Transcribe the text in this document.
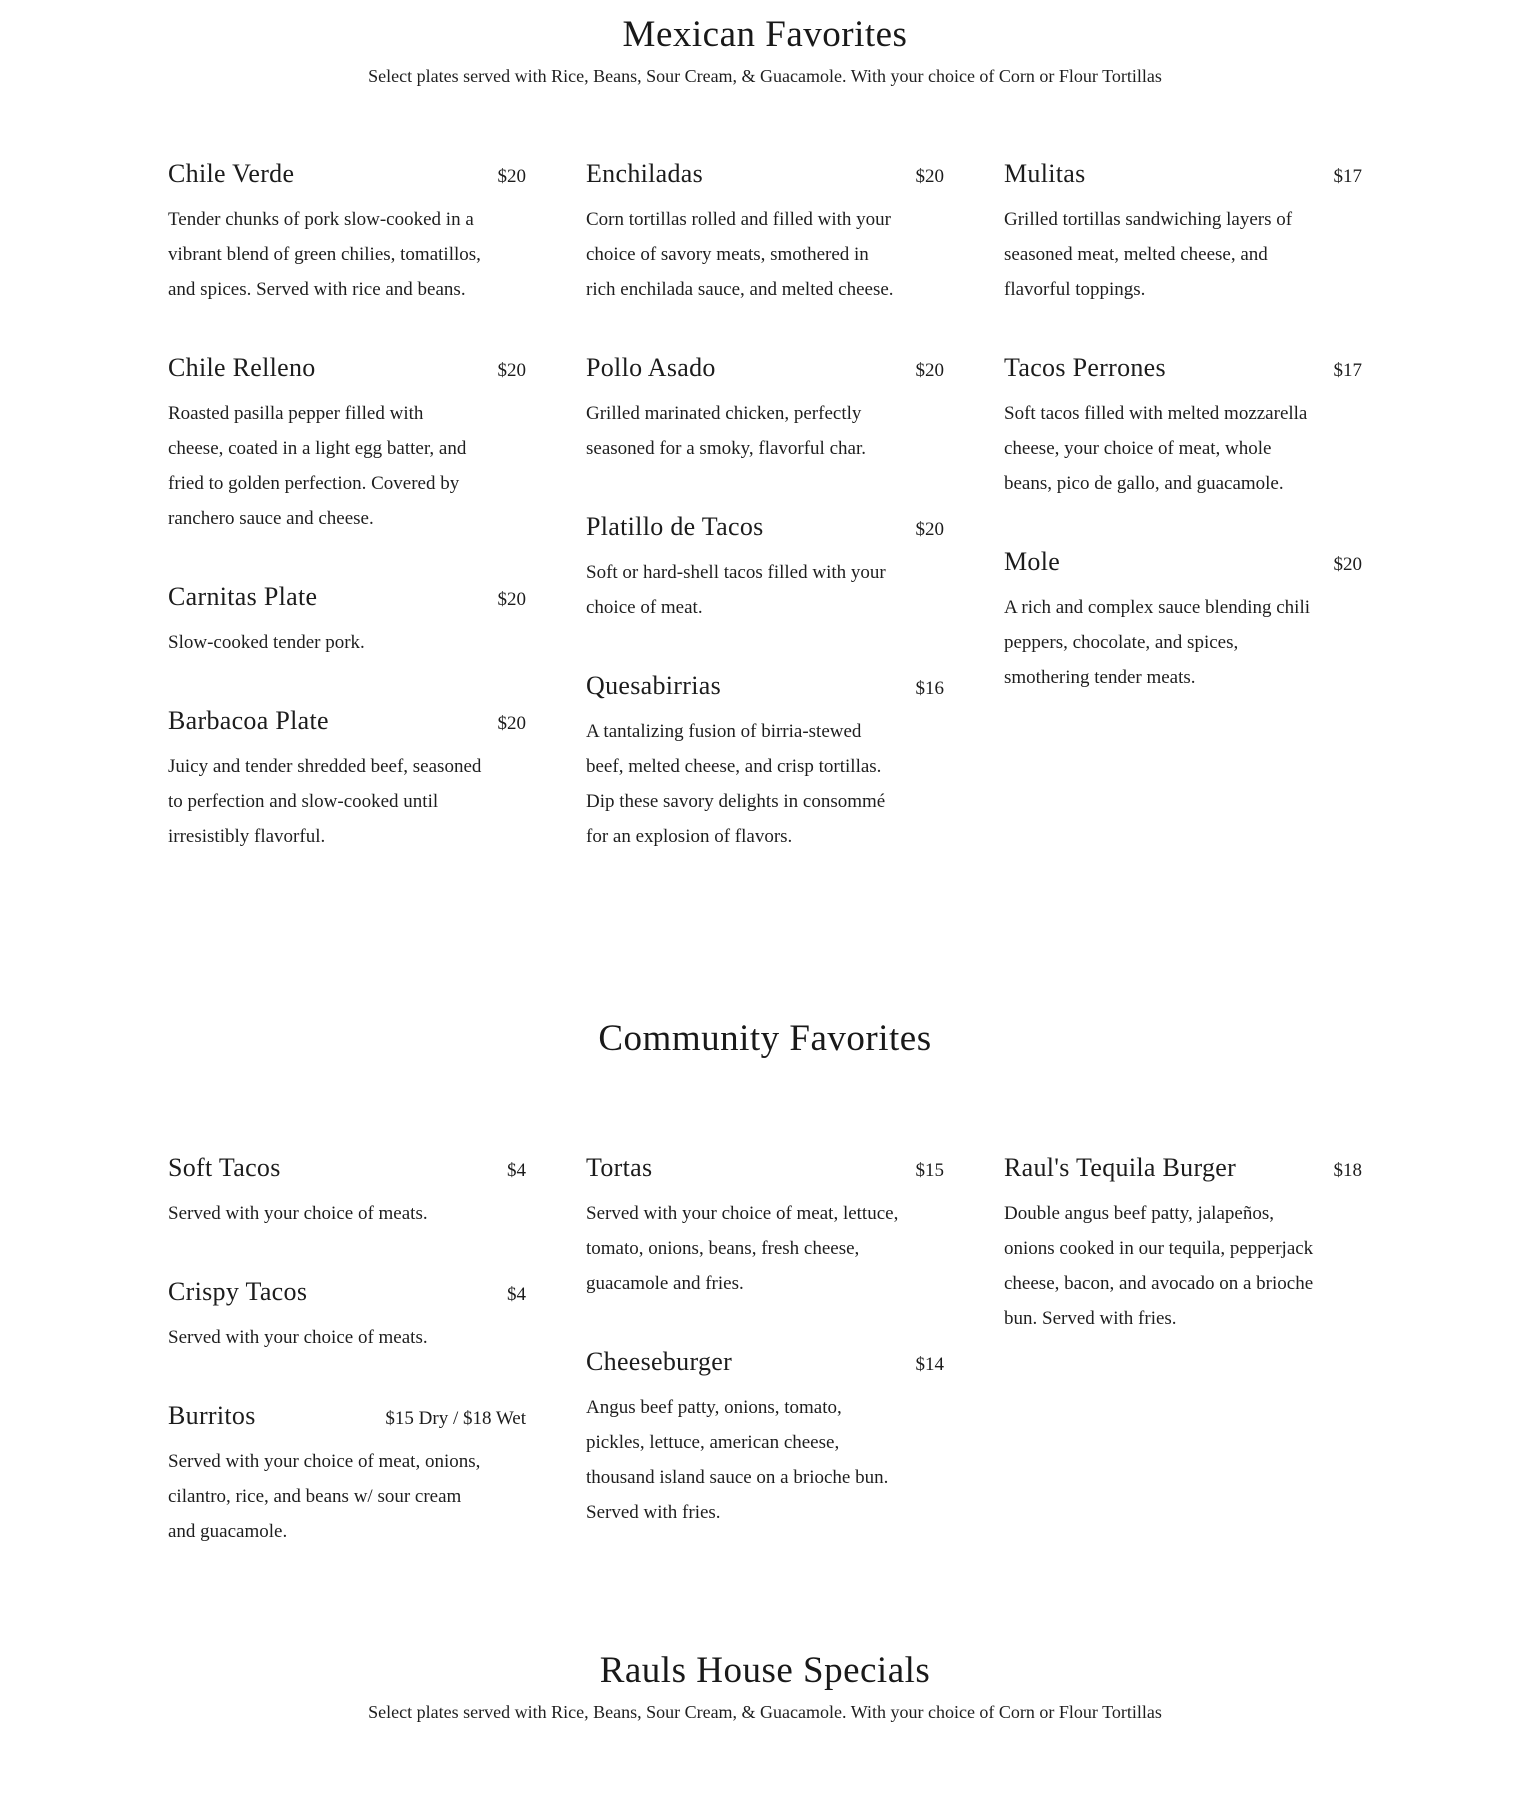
Mexican Favorites

Select plates served with Rice, Beans, Sour Cream, & Guacamole. With your choice of Corn or Flour Tortillas

Chile Verde	$20

Tender chunks of pork slow-cooked in a vibrant blend of green chilies, tomatillos, and spices. Served with rice and beans.

Chile Relleno	$20

Roasted pasilla pepper filled with cheese, coated in a light egg batter, and fried to golden perfection. Covered by ranchero sauce and cheese.

Carnitas Plate	$20

Slow-cooked tender pork.

Barbacoa Plate	$20

Juicy and tender shredded beef, seasoned to perfection and slow-cooked until irresistibly flavorful.

Enchiladas	$20

Corn tortillas rolled and filled with your choice of savory meats, smothered in rich enchilada sauce, and melted cheese.

Pollo Asado	$20

Grilled marinated chicken, perfectly seasoned for a smoky, flavorful char.

Platillo de Tacos	$20

Soft or hard-shell tacos filled with your choice of meat.

Quesabirrias	$16

A tantalizing fusion of birria-stewed beef, melted cheese, and crisp tortillas. Dip these savory delights in consommé for an explosion of flavors.

Mulitas	$17

Grilled tortillas sandwiching layers of seasoned meat, melted cheese, and flavorful toppings.

Tacos Perrones	$17

Soft tacos filled with melted mozzarella cheese, your choice of meat, whole beans, pico de gallo, and guacamole.

Mole	$20

A rich and complex sauce blending chili peppers, chocolate, and spices, smothering tender meats.

Community Favorites
Soft Tacos	$4

Served with your choice of meats.

Crispy Tacos	$4

Served with your choice of meats.

Burritos	$15 Dry / $18 Wet

Served with your choice of meat, onions, cilantro, rice, and beans w/ sour cream and guacamole.

Tortas	$15

Served with your choice of meat, lettuce, tomato, onions, beans, fresh cheese, guacamole and fries.

Cheeseburger	$14

Angus beef patty, onions, tomato, pickles, lettuce, american cheese, thousand island sauce on a brioche bun. Served with fries.

Raul's Tequila Burger	$18

Double angus beef patty, jalapeños, onions cooked in our tequila, pepperjack cheese, bacon, and avocado on a brioche bun. Served with fries.

Rauls House Specials

Select plates served with Rice, Beans, Sour Cream, & Guacamole. With your choice of Corn or Flour Tortillas
